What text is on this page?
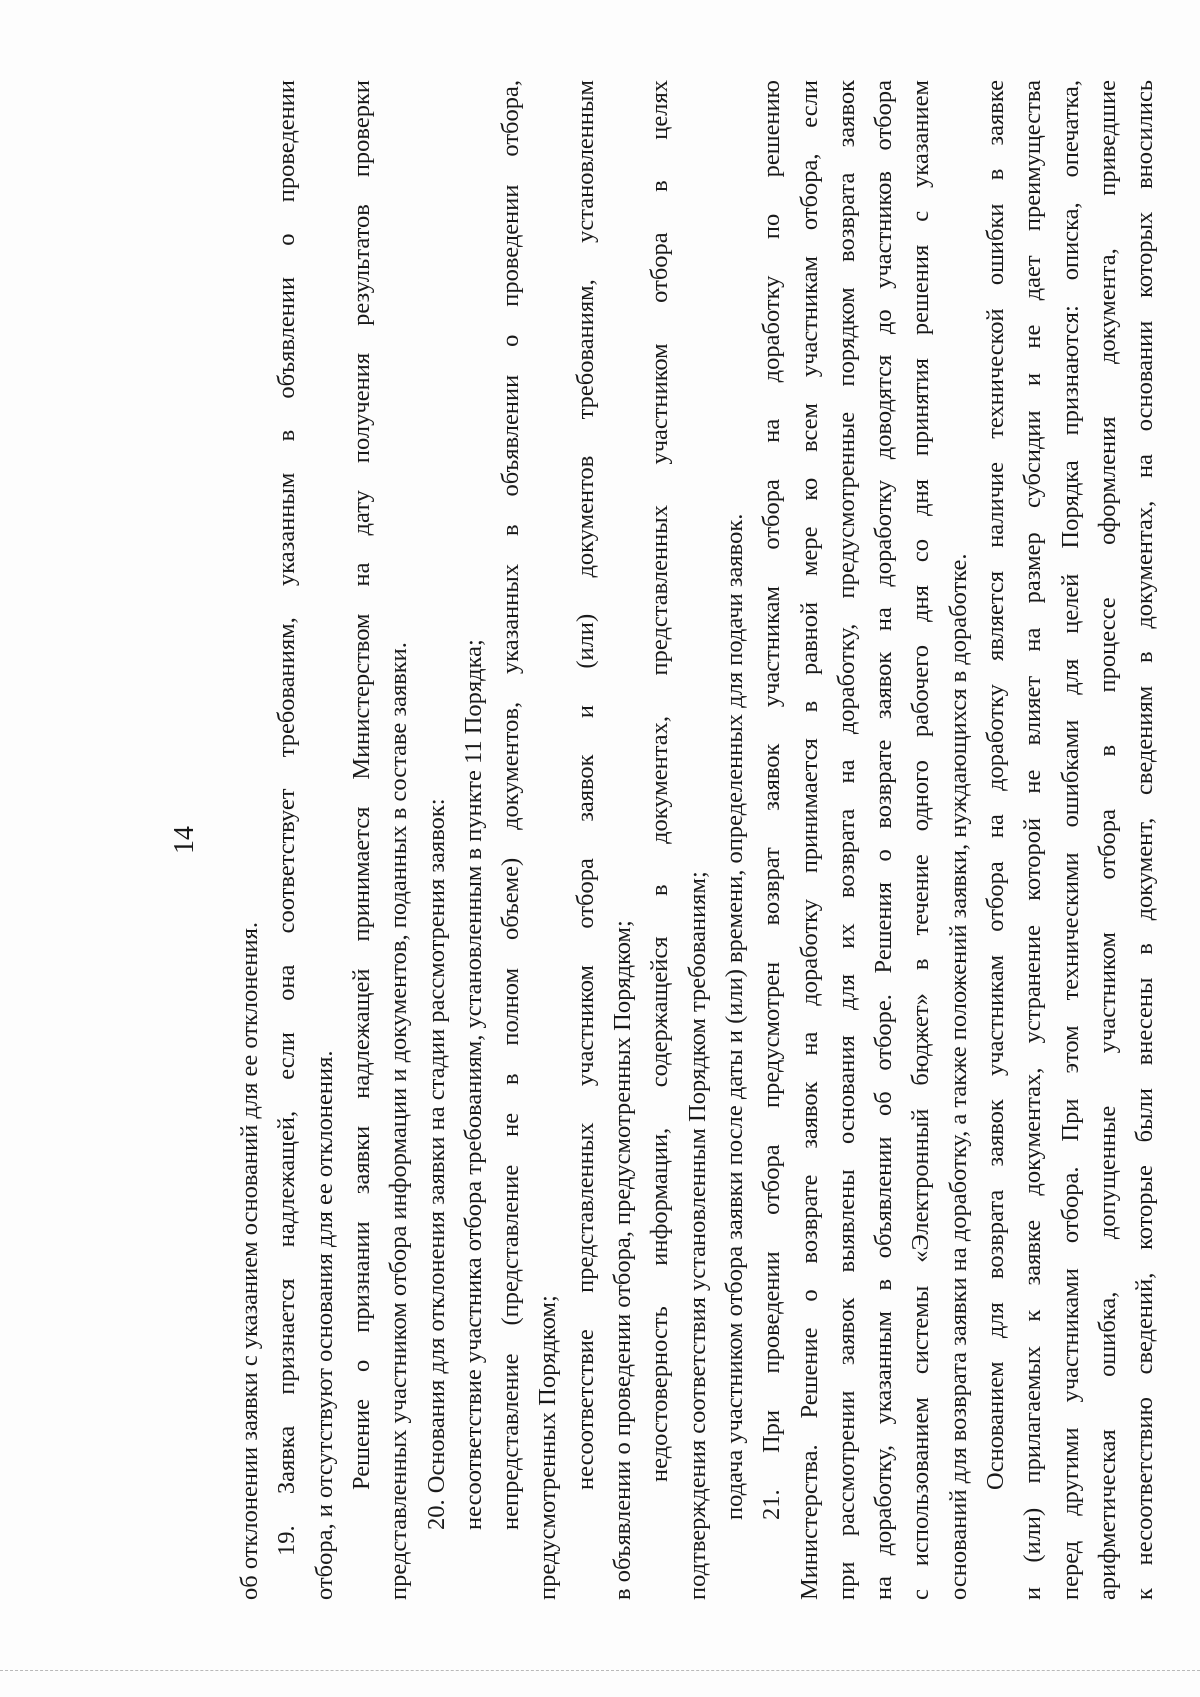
14
об отклонении заявки с указанием оснований для ее отклонения. 19. Заявка признается надлежащей, если она соответствует требованиям, указанным в объявлении о проведении отбора, и отсутствуют основания для ее отклонения. Решение о признании заявки надлежащей принимается Министерством на дату получения результатов проверки представленных участником отбора информации и документов, поданных в составе заявки. 20. Основания для отклонения заявки на стадии рассмотрения заявок: несоответствие участника отбора требованиям, установленным в пункте 11 Порядка; непредставление (представление не в полном объеме) документов, указанных в объявлении о проведении отбора, предусмотренных Порядком; несоответствие представленных участником отбора заявок и (или) документов требованиям, установленным в объявлении о проведении отбора, предусмотренных Порядком; недостоверность информации, содержащейся в документах, представленных участником отбора в целях подтверждения соответствия установленным Порядком требованиям; подача участником отбора заявки после даты и (или) времени, определенных для подачи заявок. 21. При проведении отбора предусмотрен возврат заявок участникам отбора на доработку по решению Министерства. Решение о возврате заявок на доработку принимается в равной мере ко всем участникам отбора, если при рассмотрении заявок выявлены основания для их возврата на доработку, предусмотренные порядком возврата заявок на доработку, указанным в объявлении об отборе. Решения о возврате заявок на доработку доводятся до участников отбора с использованием системы «Электронный бюджет» в течение одного рабочего дня со дня принятия решения с указанием оснований для возврата заявки на доработку, а также положений заявки, нуждающихся в доработке. Основанием для возврата заявок участникам отбора на доработку является наличие технической ошибки в заявке и (или) прилагаемых к заявке документах, устранение которой не влияет на размер субсидии и не дает преимущества перед другими участниками отбора. При этом техническими ошибками для целей Порядка признаются: описка, опечатка, арифметическая ошибка, допущенные участником отбора в процессе оформления документа, приведшие к несоответствию сведений, которые были внесены в документ, сведениям в документах, на основании которых вносились
